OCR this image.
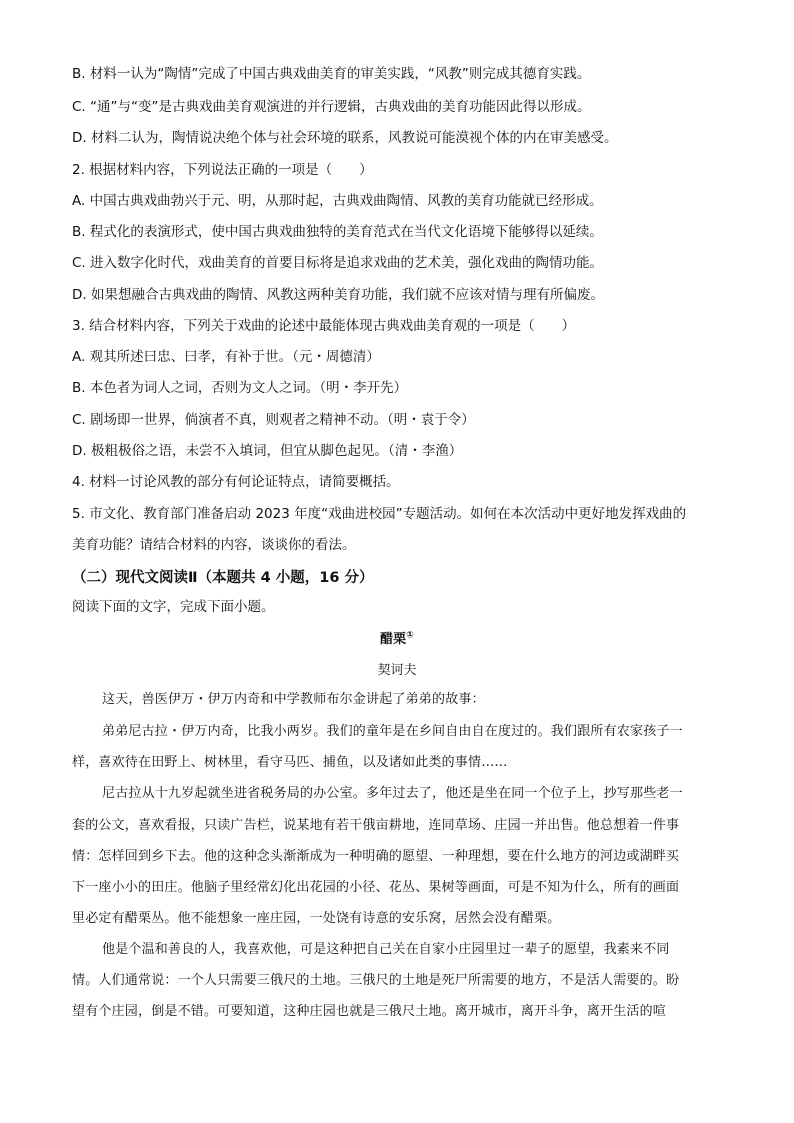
B. 材料一认为“陶情”完成了中国古典戏曲美育的审美实践，“风教”则完成其德育实践。
C. “通”与“变”是古典戏曲美育观演进的并行逻辑，古典戏曲的美育功能因此得以形成。
D. 材料二认为，陶情说决绝个体与社会环境的联系，风教说可能漠视个体的内在审美感受。
2. 根据材料内容，下列说法正确的一项是（　　）
A. 中国古典戏曲勃兴于元、明，从那时起，古典戏曲陶情、风教的美育功能就已经形成。
B. 程式化的表演形式，使中国古典戏曲独特的美育范式在当代文化语境下能够得以延续。
C. 进入数字化时代，戏曲美育的首要目标将是追求戏曲的艺术美，强化戏曲的陶情功能。
D. 如果想融合古典戏曲的陶情、风教这两种美育功能，我们就不应该对情与理有所偏废。
3. 结合材料内容，下列关于戏曲的论述中最能体现古典戏曲美育观的一项是（　　）
A. 观其所述曰忠、曰孝，有补于世。（元・周德清）
B. 本色者为词人之词，否则为文人之词。（明・李开先）
C. 剧场即一世界，倘演者不真，则观者之精神不动。（明・袁于令）
D. 极粗极俗之语，未尝不入填词，但宜从脚色起见。（清・李渔）
4. 材料一讨论风教的部分有何论证特点，请简要概括。
5. 市文化、教育部门准备启动 2023 年度“戏曲进校园”专题活动。如何在本次活动中更好地发挥戏曲的
美育功能？请结合材料的内容，谈谈你的看法。
（二）现代文阅读Ⅱ（本题共 4 小题，16 分）
阅读下面的文字，完成下面小题。
醋栗①
契诃夫
这天，兽医伊万・伊万内奇和中学教师布尔金讲起了弟弟的故事：
弟弟尼古拉・伊万内奇，比我小两岁。我们的童年是在乡间自由自在度过的。我们跟所有农家孩子一
样，喜欢待在田野上、树林里，看守马匹、捕鱼，以及诸如此类的事情……
尼古拉从十九岁起就坐进省税务局的办公室。多年过去了，他还是坐在同一个位子上，抄写那些老一
套的公文，喜欢看报，只读广告栏，说某地有若干俄亩耕地，连同草场、庄园一并出售。他总想着一件事
情：怎样回到乡下去。他的这种念头渐渐成为一种明确的愿望、一种理想，要在什么地方的河边或湖畔买
下一座小小的田庄。他脑子里经常幻化出花园的小径、花丛、果树等画面，可是不知为什么，所有的画面
里必定有醋栗丛。他不能想象一座庄园，一处饶有诗意的安乐窝，居然会没有醋栗。
他是个温和善良的人，我喜欢他，可是这种把自己关在自家小庄园里过一辈子的愿望，我素来不同
情。人们通常说：一个人只需要三俄尺的土地。三俄尺的土地是死尸所需要的地方，不是活人需要的。盼
望有个庄园，倒是不错。可要知道，这种庄园也就是三俄尺土地。离开城市，离开斗争，离开生活的喧
